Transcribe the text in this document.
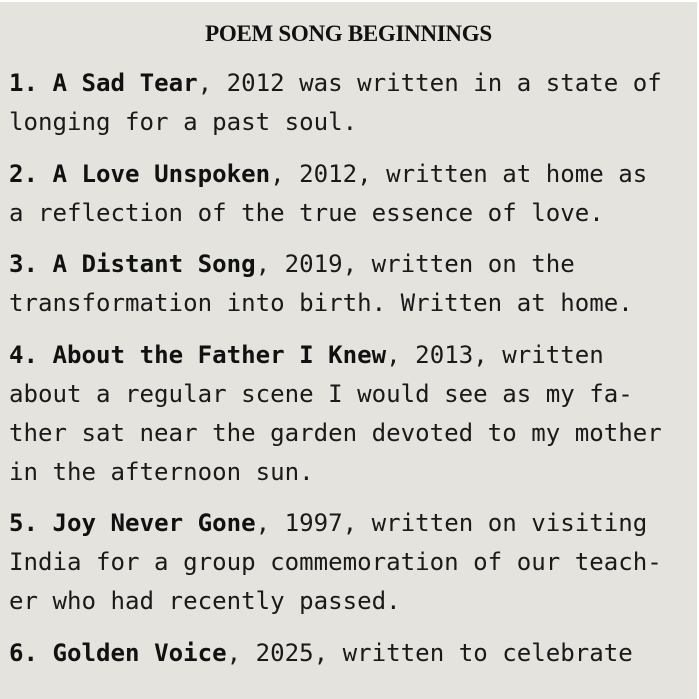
POEM SONG BEGINNINGS
1. A Sad Tear, 2012 was written in a state of
longing for a past soul.
2. A Love Unspoken, 2012, written at home as
a reflection of the true essence of love.
3. A Distant Song, 2019, written on the
transformation into birth. Written at home.
4. About the Father I Knew, 2013, written
about a regular scene I would see as my fa-
ther sat near the garden devoted to my mother
in the afternoon sun.
5. Joy Never Gone, 1997, written on visiting
India for a group commemoration of our teach-
er who had recently passed.
6. Golden Voice, 2025, written to celebrate
